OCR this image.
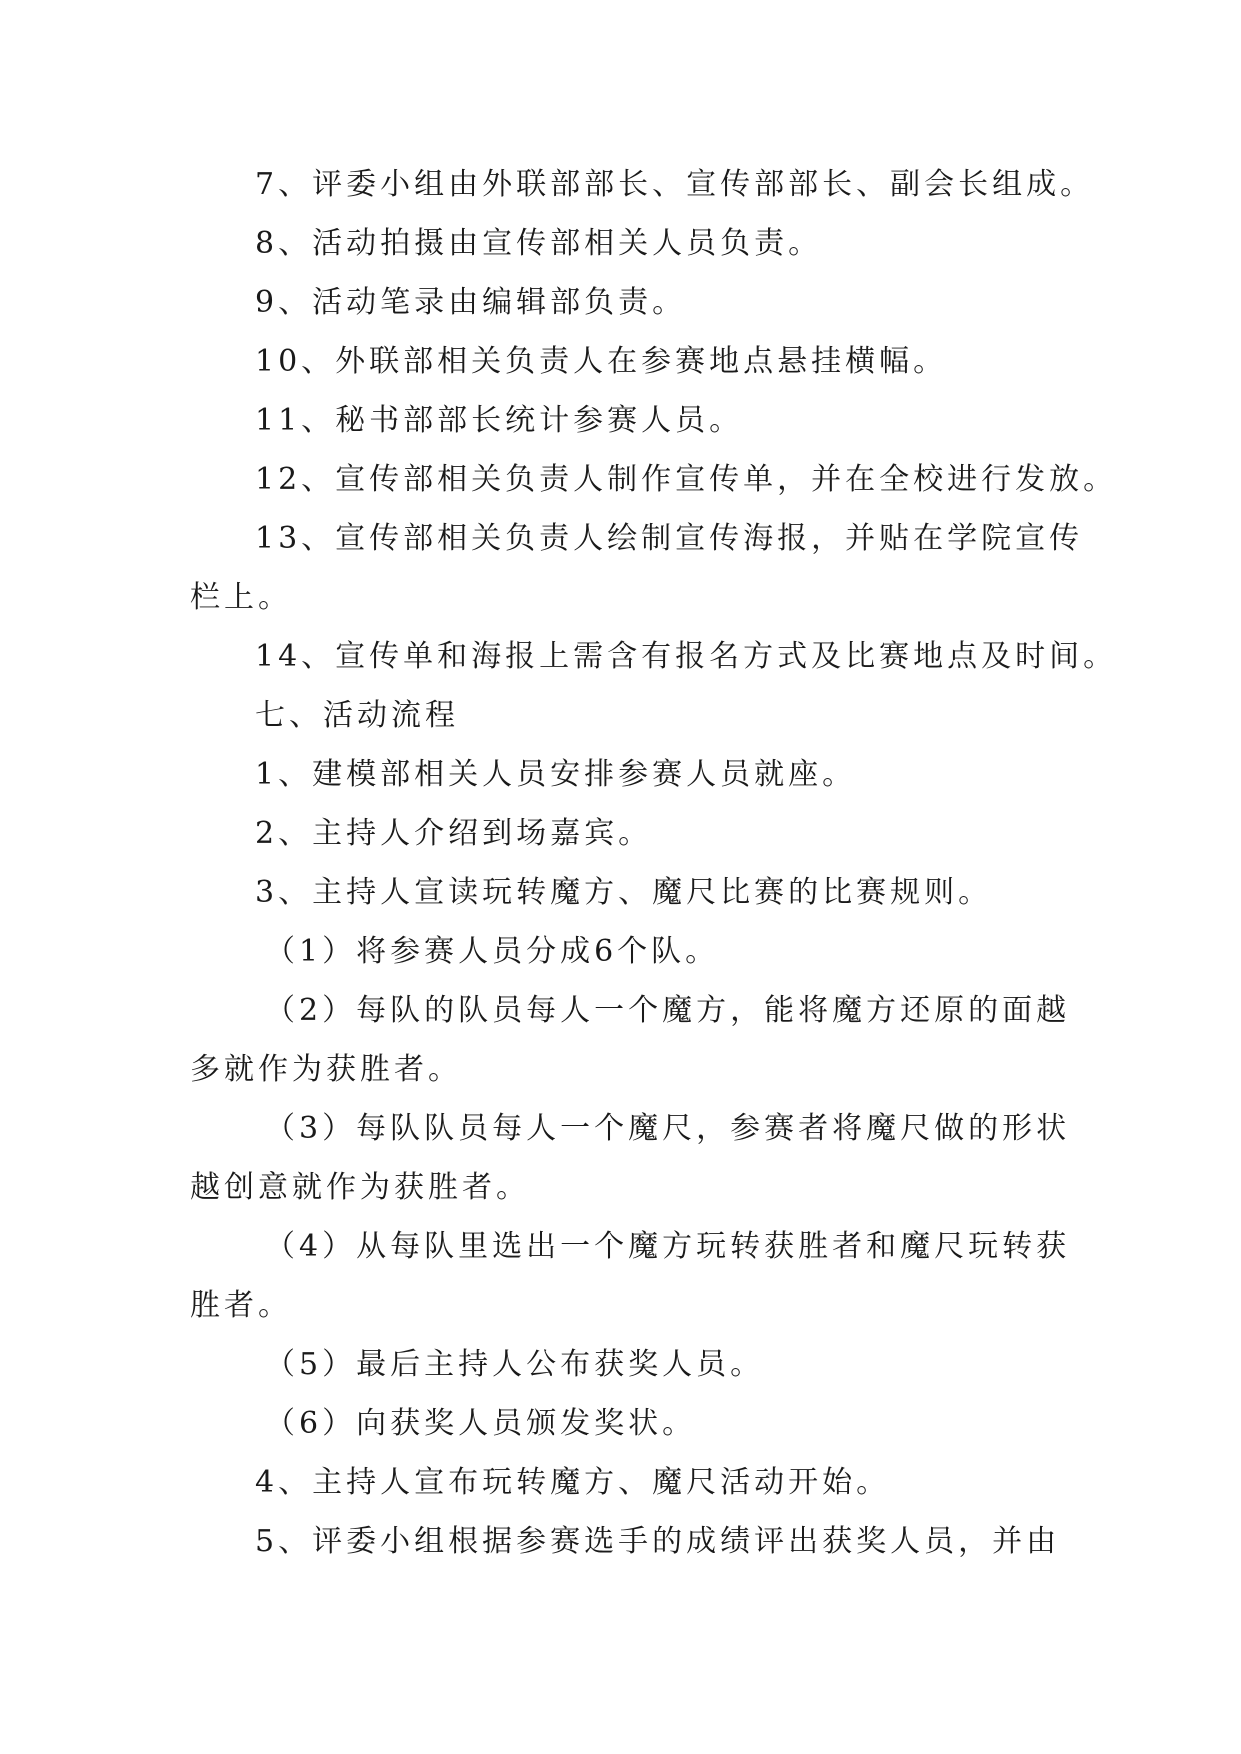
7、评委小组由外联部部长、宣传部部长、副会长组成。
8、活动拍摄由宣传部相关人员负责。
9、活动笔录由编辑部负责。
10、外联部相关负责人在参赛地点悬挂横幅。
11、秘书部部长统计参赛人员。
12、宣传部相关负责人制作宣传单，并在全校进行发放。
13、宣传部相关负责人绘制宣传海报，并贴在学院宣传
栏上。
14、宣传单和海报上需含有报名方式及比赛地点及时间。
七、活动流程
1、建模部相关人员安排参赛人员就座。
2、主持人介绍到场嘉宾。
3、主持人宣读玩转魔方、魔尺比赛的比赛规则。
（1）将参赛人员分成6个队。
（2）每队的队员每人一个魔方，能将魔方还原的面越
多就作为获胜者。
（3）每队队员每人一个魔尺，参赛者将魔尺做的形状
越创意就作为获胜者。
（4）从每队里选出一个魔方玩转获胜者和魔尺玩转获
胜者。
（5）最后主持人公布获奖人员。
（6）向获奖人员颁发奖状。
4、主持人宣布玩转魔方、魔尺活动开始。
5、评委小组根据参赛选手的成绩评出获奖人员，并由
